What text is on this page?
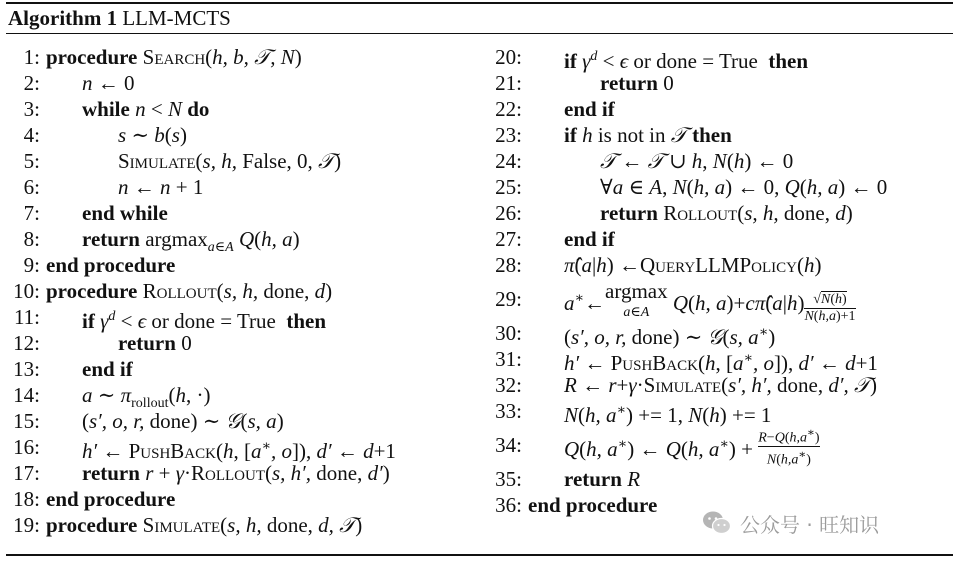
Algorithm 1 LLM-MCTS
1: procedure Search(h, b, 𝒯, N)
2: n ← 0
3: while n < N do
4:	s ∼ b(s)
5:	Simulate(s, h, False, 0, 𝒯)
6:	n ← n + 1
7: end while
8: return argmax$_{a\in A}$ Q(h, a)
9: end procedure
10: procedure Rollout(s, h, done, d)
11: if $\gamma^d < \epsilon$ or done = True  then
12:	return 0
13: end if
14: a ∼ $\pi_{rollout}(h$, ·)
15: (s′, o, r, done) ∼ 𝒢(s, a)
16: h′ ← PushBack(h, [a∗, o]), d′ ← d+1
17: return r + γ·Rollout(s, h′, done, d′)
18: end procedure
19: procedure Simulate(s, h, done, d, 𝒯)
20: if $\gamma^d < \epsilon$ or done = True  then
21:	return 0
22: end if
23: if h is not in 𝒯 then
24:	𝒯 ← 𝒯 ∪ h, N(h) ← 0
25:	∀a ∈ A, N(h, a) ← 0, Q(h, a) ← 0
26:	return Rollout(s, h, done, d)
27: end if
28: π̂(a|h) ←QueryLLMPolicy(h)
29: a∗←argmax
a∈A Q(h, a)+cπ̂(a|h) √N(h)
N(h,a)+1
30: (s′, o, r, done) ∼ 𝒢(s, a∗)
31: h′ ← PushBack(h, [a∗, o]), d′ ← d+1
32: R ← r+γ·Simulate(s′, h′, done, d′, 𝒯)
33: N(h, a∗) += 1, N(h) += 1
34: Q(h, a∗) ← Q(h, a∗) + R−Q(h,a∗)
N(h,a∗)
35: return R
36: end procedure
公众号 · 旺知识
